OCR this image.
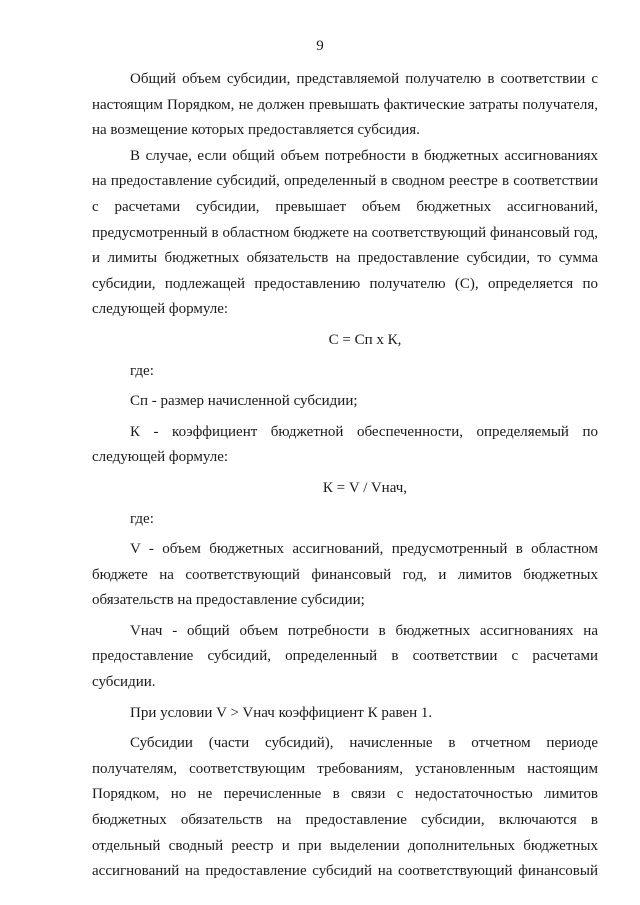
9

Общий объем субсидии, представляемой получателю в соответствии с настоящим Порядком, не должен превышать фактические затраты получателя, на возмещение которых предоставляется субсидия.

В случае, если общий объем потребности в бюджетных ассигнованиях на предоставление субсидий, определенный в сводном реестре в соответствии с расчетами субсидии, превышает объем бюджетных ассигнований, предусмотренный в областном бюджете на соответствующий финансовый год, и лимиты бюджетных обязательств на предоставление субсидии, то сумма субсидии, подлежащей предоставлению получателю (С), определяется по следующей формуле:

С = Сп x К,

где:

Сп - размер начисленной субсидии;

К - коэффициент бюджетной обеспеченности, определяемый по следующей формуле:

К = V / Vнач,

где:

V - объем бюджетных ассигнований, предусмотренный в областном бюджете на соответствующий финансовый год, и лимитов бюджетных обязательств на предоставление субсидии;

Vнач - общий объем потребности в бюджетных ассигнованиях на предоставление субсидий, определенный в соответствии с расчетами субсидии.

При условии V > Vнач коэффициент К равен 1.

Субсидии (части субсидий), начисленные в отчетном периоде получателям, соответствующим требованиям, установленным настоящим Порядком, но не перечисленные в связи с недостаточностью лимитов бюджетных обязательств на предоставление субсидии, включаются в отдельный сводный реестр и при выделении дополнительных бюджетных ассигнований на предоставление субсидий на соответствующий финансовый
